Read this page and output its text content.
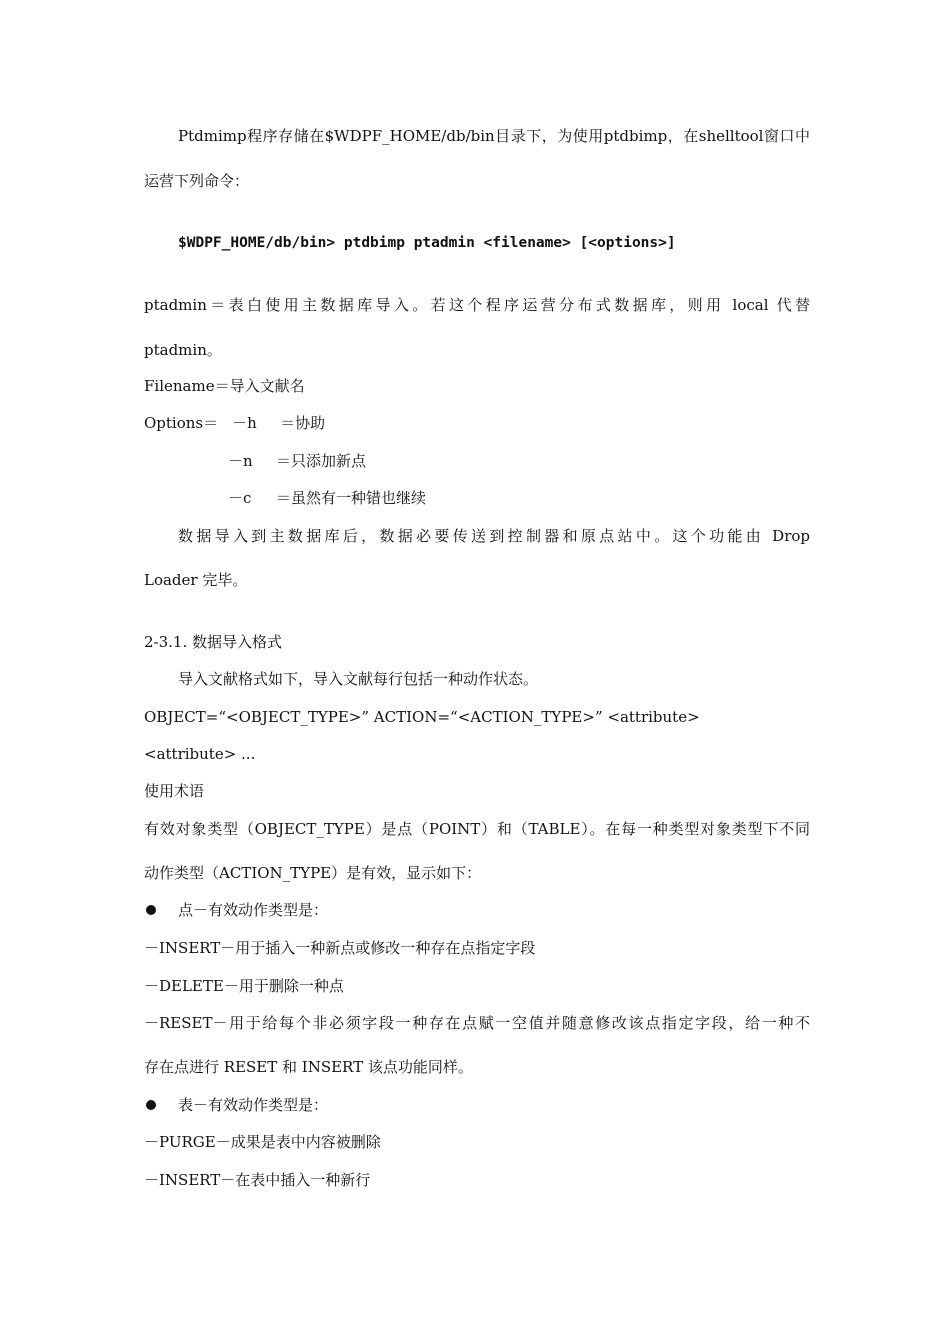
Ptdmimp程序存储在$WDPF_HOME/db/bin目录下，为使用ptdbimp，在shelltool窗口中
运营下列命令：
$WDPF_HOME/db/bin> ptdbimp ptadmin <filename> [<options>]
ptadmin＝表白使用主数据库导入。若这个程序运营分布式数据库，则用 local 代替
ptadmin。
Filename＝导入文献名
Options＝ －h ＝协助
－n ＝只添加新点
－c ＝虽然有一种错也继续
数据导入到主数据库后，数据必要传送到控制器和原点站中。这个功能由 Drop
Loader 完毕。
2-3.1. 数据导入格式
导入文献格式如下，导入文献每行包括一种动作状态。
OBJECT=“<OBJECT_TYPE>” ACTION=“<ACTION_TYPE>” <attribute>
<attribute> ...
使用术语
有效对象类型（OBJECT_TYPE）是点（POINT）和（TABLE）。在每一种类型对象类型下不同
动作类型（ACTION_TYPE）是有效，显示如下：
点－有效动作类型是：
－INSERT－用于插入一种新点或修改一种存在点指定字段
－DELETE－用于删除一种点
－RESET－用于给每个非必须字段一种存在点赋一空值并随意修改该点指定字段，给一种不
存在点进行 RESET 和 INSERT 该点功能同样。
表－有效动作类型是：
－PURGE－成果是表中内容被删除
－INSERT－在表中插入一种新行
